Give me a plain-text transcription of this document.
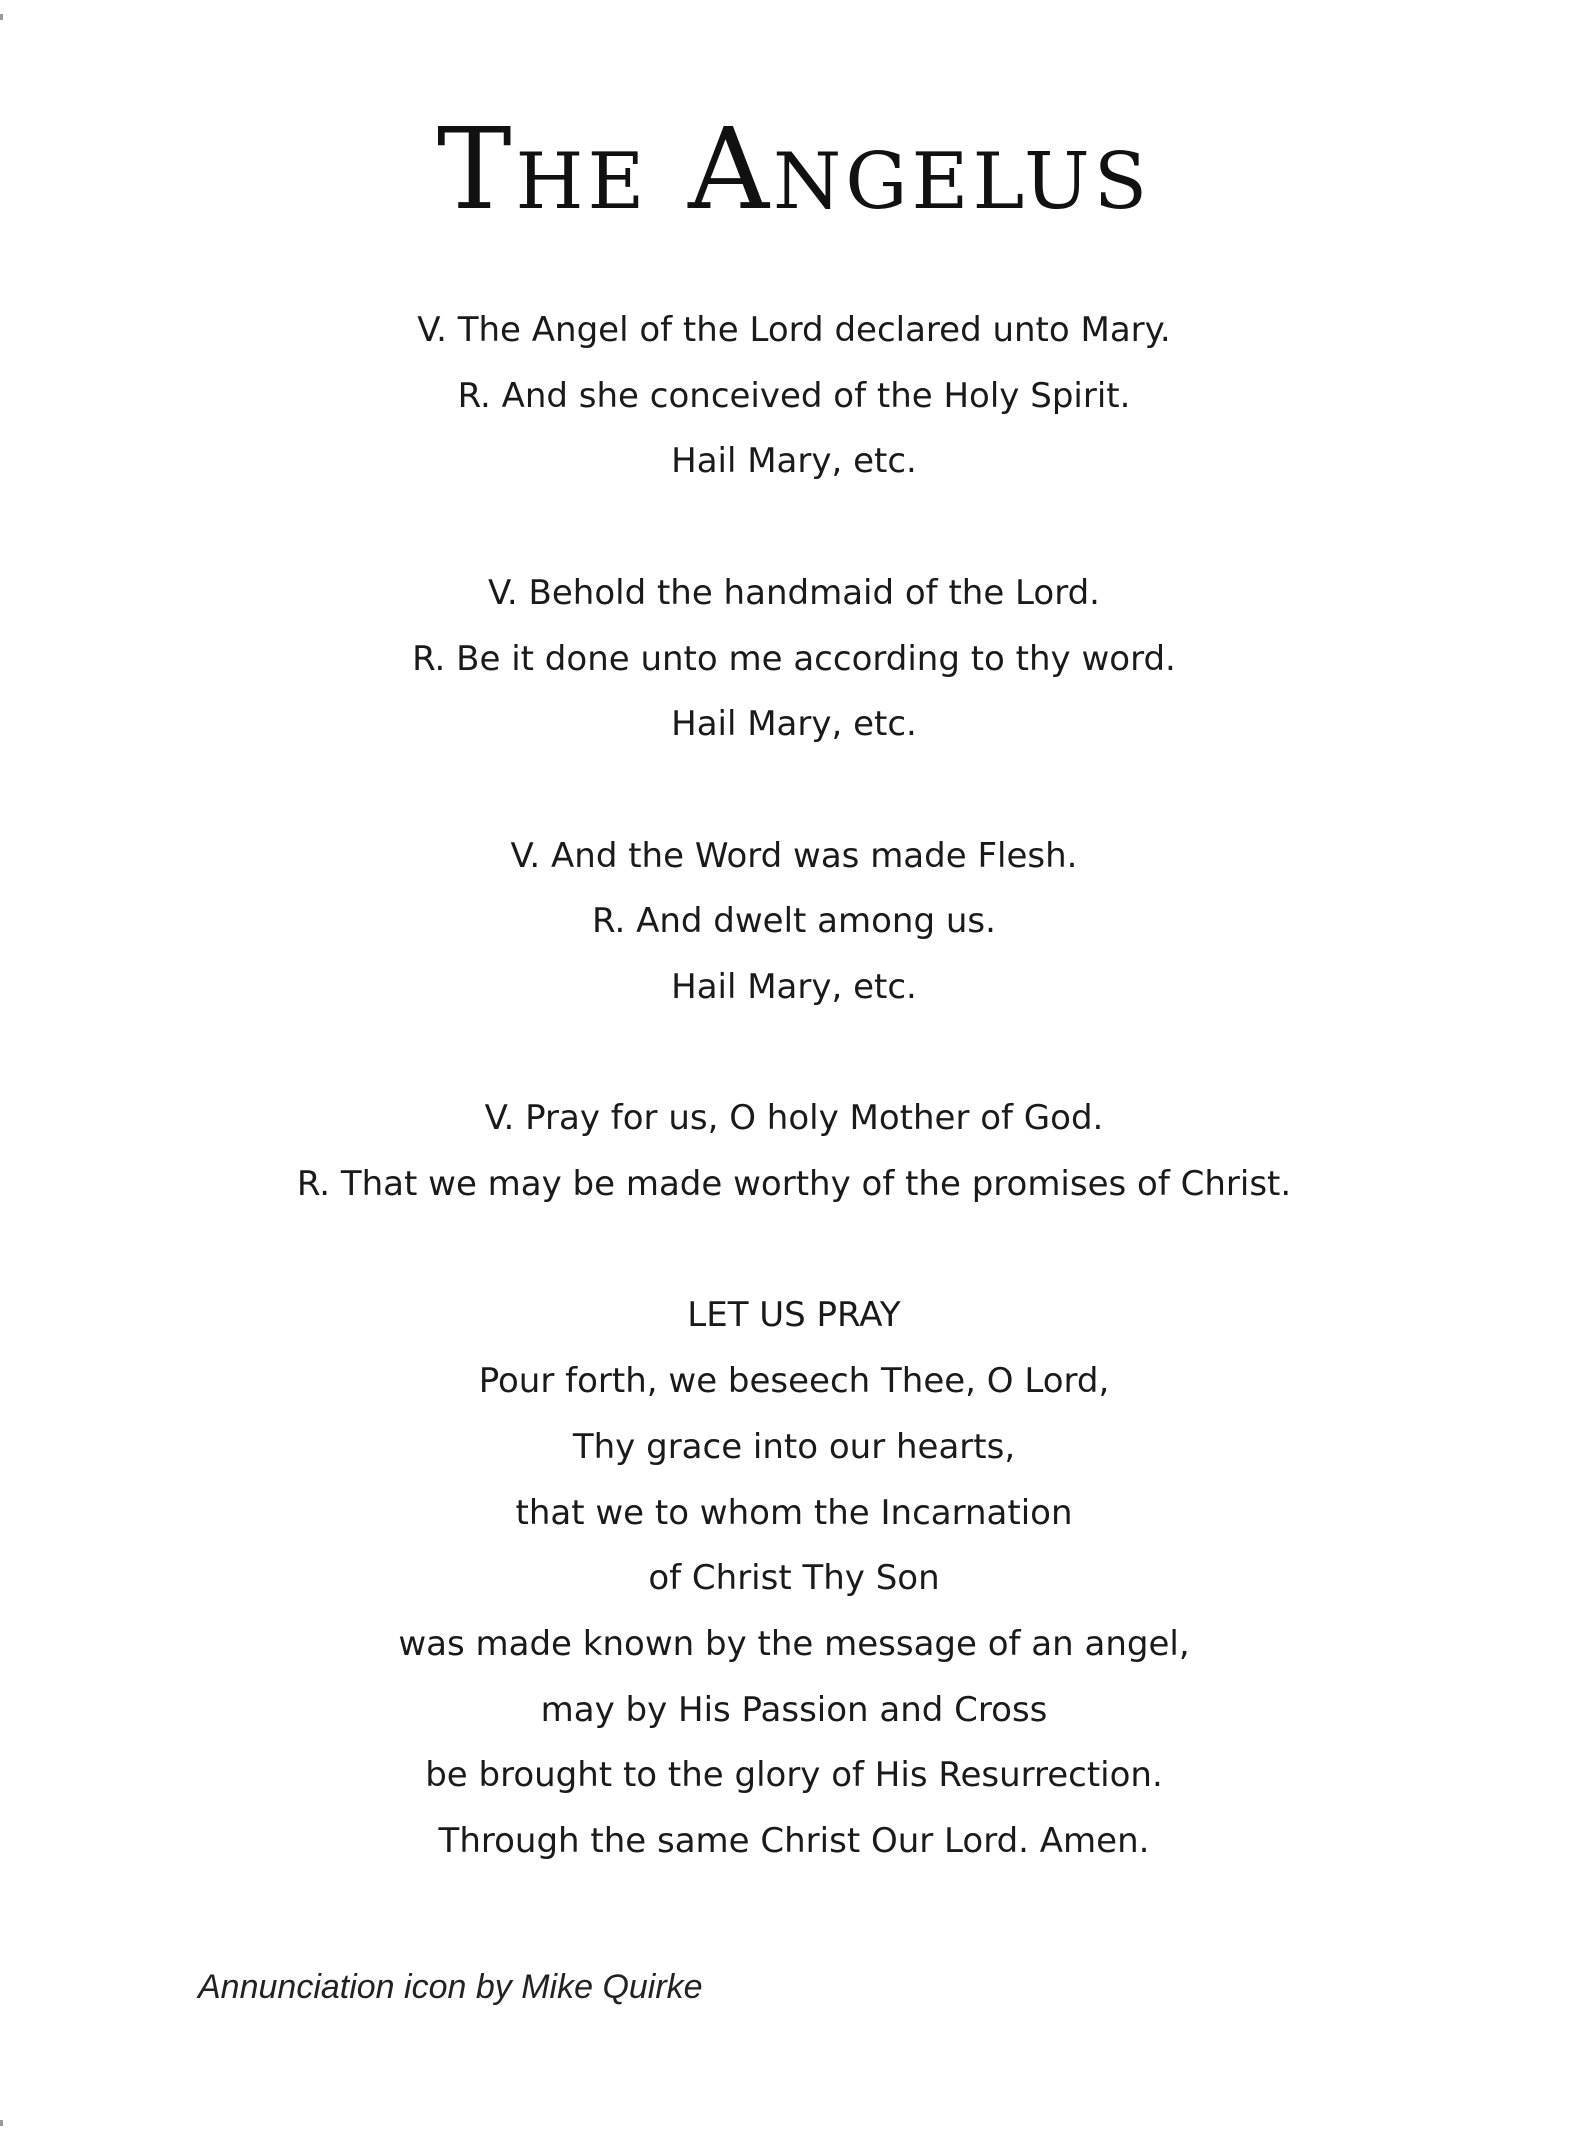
The Angelus
V. The Angel of the Lord declared unto Mary.
R. And she conceived of the Holy Spirit.
Hail Mary, etc.
V. Behold the handmaid of the Lord.
R. Be it done unto me according to thy word.
Hail Mary, etc.
V. And the Word was made Flesh.
R. And dwelt among us.
Hail Mary, etc.
V. Pray for us, O holy Mother of God.
R. That we may be made worthy of the promises of Christ.
LET US PRAY
Pour forth, we beseech Thee, O Lord,
Thy grace into our hearts,
that we to whom the Incarnation
of Christ Thy Son
was made known by the message of an angel,
may by His Passion and Cross
be brought to the glory of His Resurrection.
Through the same Christ Our Lord. Amen.
Annunciation icon by Mike Quirke
